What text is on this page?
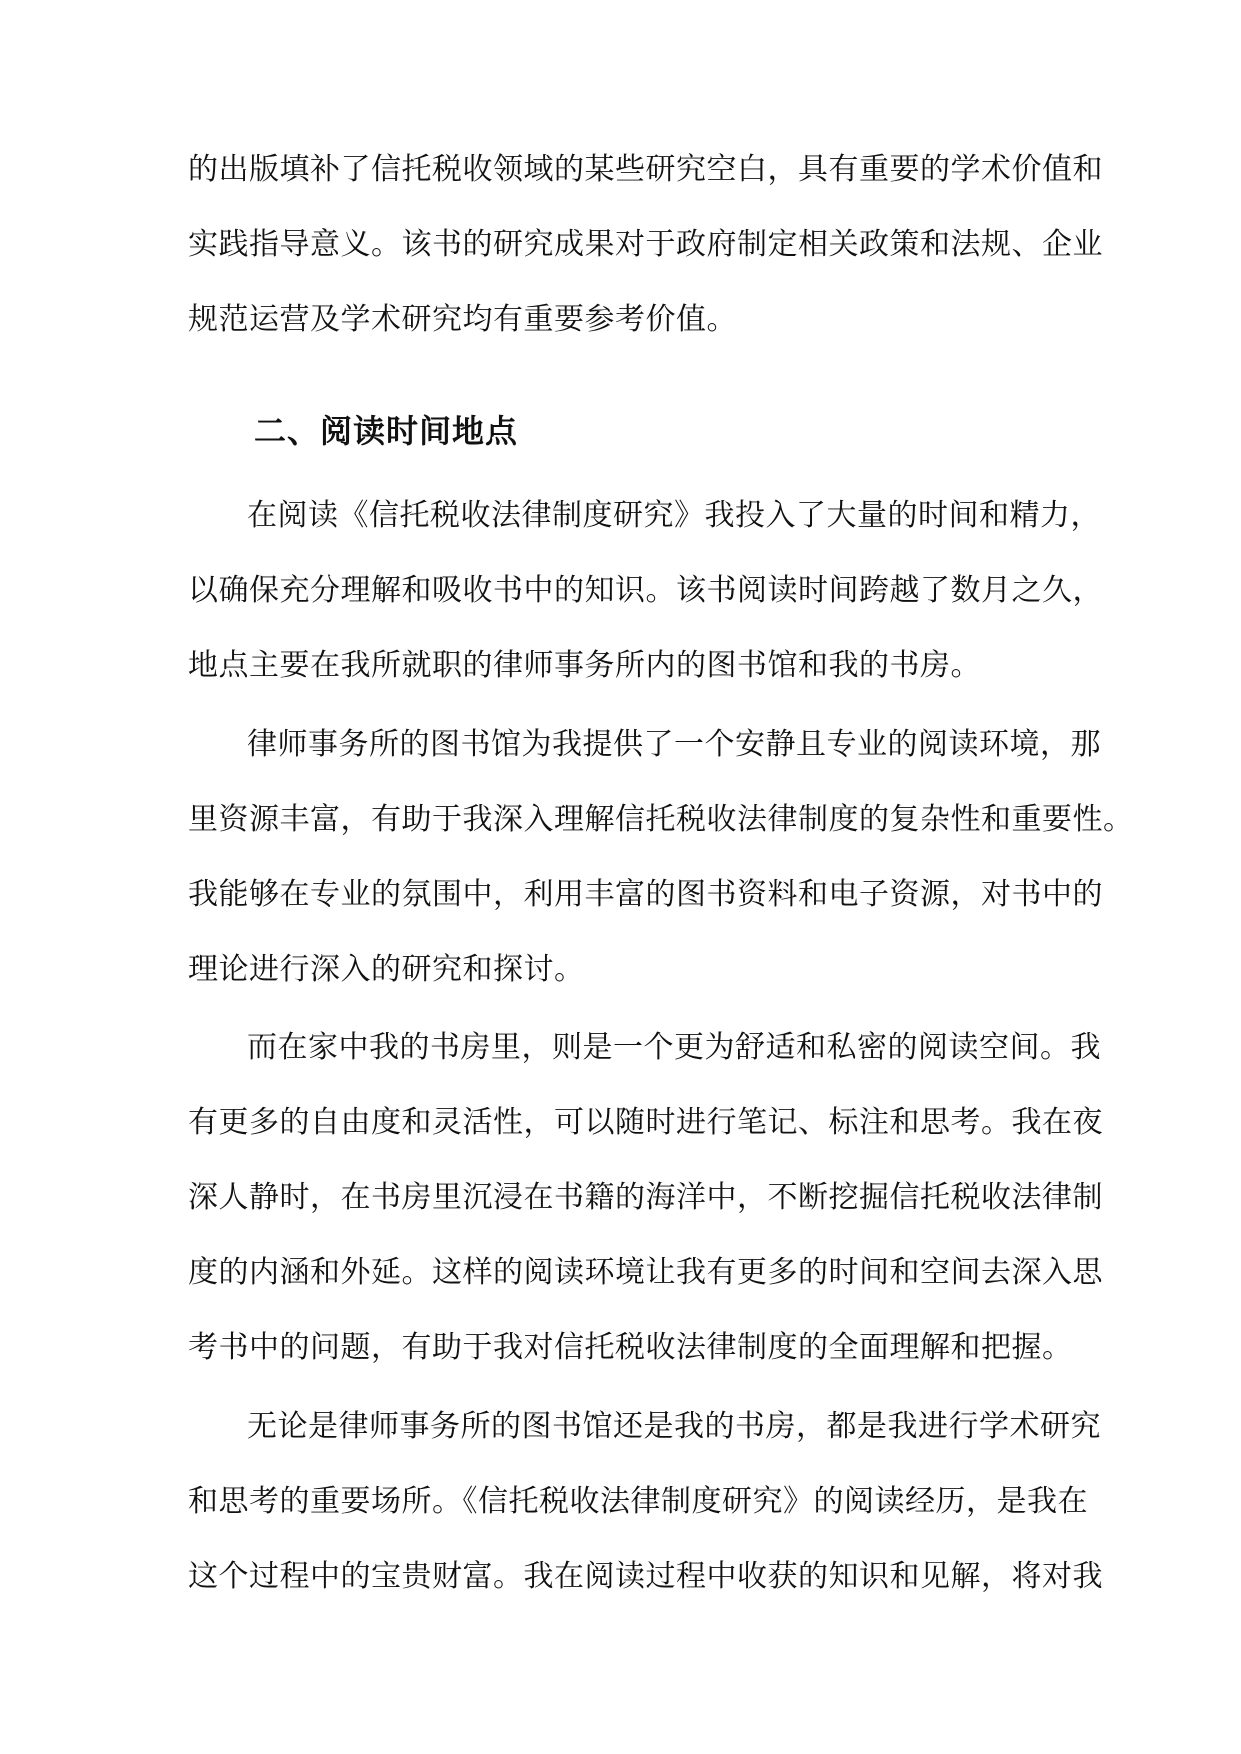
的出版填补了信托税收领域的某些研究空白，具有重要的学术价值和
实践指导意义。该书的研究成果对于政府制定相关政策和法规、企业
规范运营及学术研究均有重要参考价值。
二、阅读时间地点
在阅读《信托税收法律制度研究》我投入了大量的时间和精力，
以确保充分理解和吸收书中的知识。该书阅读时间跨越了数月之久，
地点主要在我所就职的律师事务所内的图书馆和我的书房。
律师事务所的图书馆为我提供了一个安静且专业的阅读环境，那
里资源丰富，有助于我深入理解信托税收法律制度的复杂性和重要性。
我能够在专业的氛围中，利用丰富的图书资料和电子资源，对书中的
理论进行深入的研究和探讨。
而在家中我的书房里，则是一个更为舒适和私密的阅读空间。我
有更多的自由度和灵活性，可以随时进行笔记、标注和思考。我在夜
深人静时，在书房里沉浸在书籍的海洋中，不断挖掘信托税收法律制
度的内涵和外延。这样的阅读环境让我有更多的时间和空间去深入思
考书中的问题，有助于我对信托税收法律制度的全面理解和把握。
无论是律师事务所的图书馆还是我的书房，都是我进行学术研究
和思考的重要场所。《信托税收法律制度研究》的阅读经历，是我在
这个过程中的宝贵财富。我在阅读过程中收获的知识和见解，将对我
